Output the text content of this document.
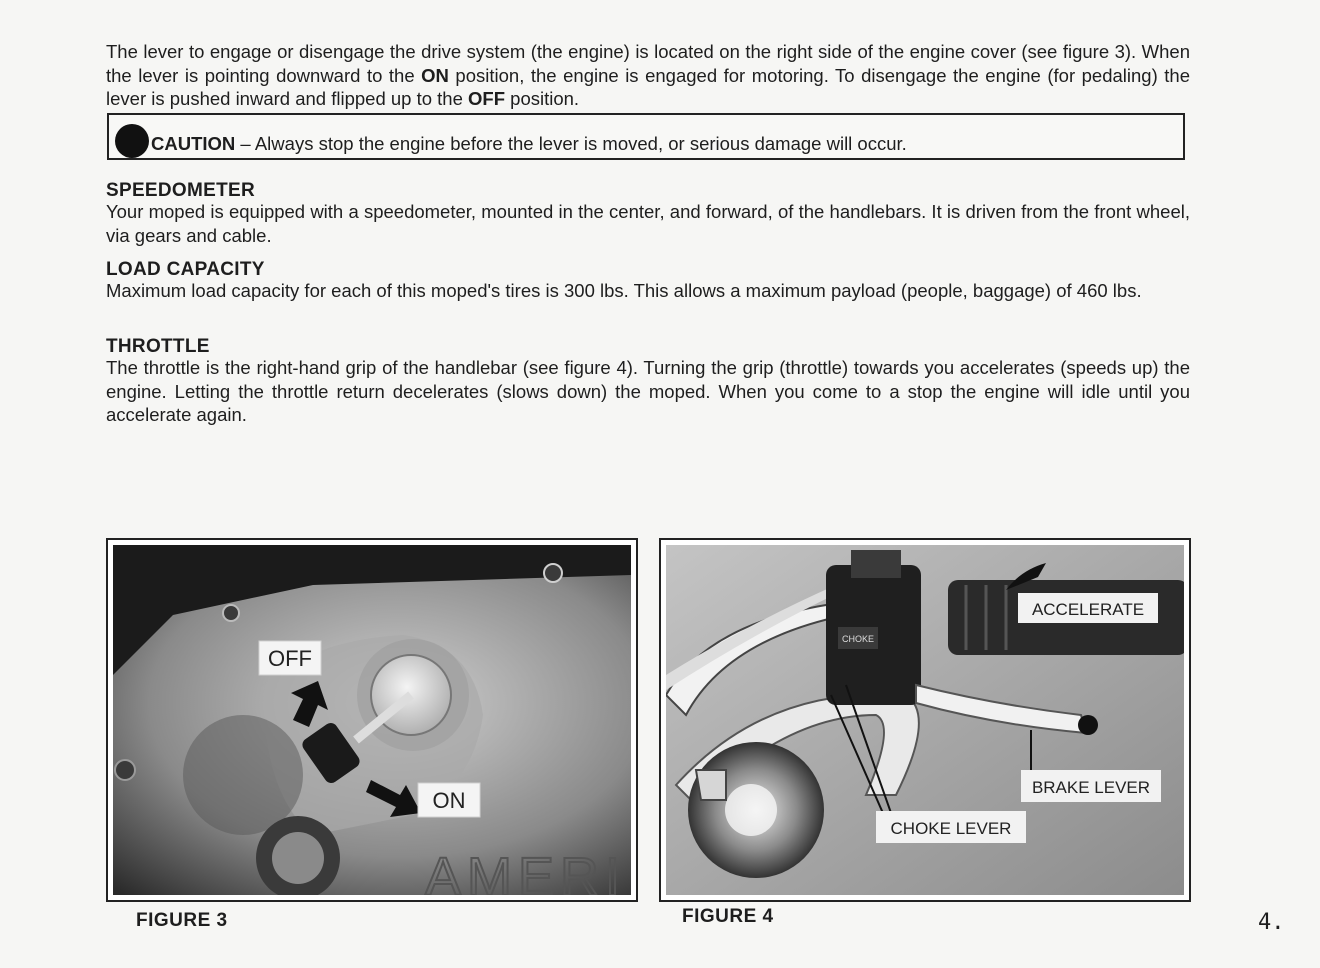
The lever to engage or disengage the drive system (the engine) is located on the right side of the engine cover (see figure 3). When the lever is pointing downward to the ON position, the engine is engaged for motoring. To disengage the engine (for pedaling) the lever is pushed inward and flipped up to the OFF position.

CAUTION – Always stop the engine before the lever is moved, or serious damage will occur.
SPEEDOMETER

Your moped is equipped with a speedometer, mounted in the center, and forward, of the handlebars. It is driven from the front wheel, via gears and cable.

LOAD CAPACITY

Maximum load capacity for each of this moped's tires is 300 lbs. This allows a maximum payload (people, baggage) of 460 lbs.

THROTTLE

The throttle is the right-hand grip of the handlebar (see figure 4). Turning the grip (throttle) towards you accelerates (speeds up) the engine. Letting the throttle return decelerates (slows down) the moped. When you come to a stop the engine will idle until you accelerate again.

OFF
ON
AMERI
FIGURE 3
CHOKE
ACCELERATE
BRAKE LEVER
CHOKE LEVER
FIGURE 4	4.
